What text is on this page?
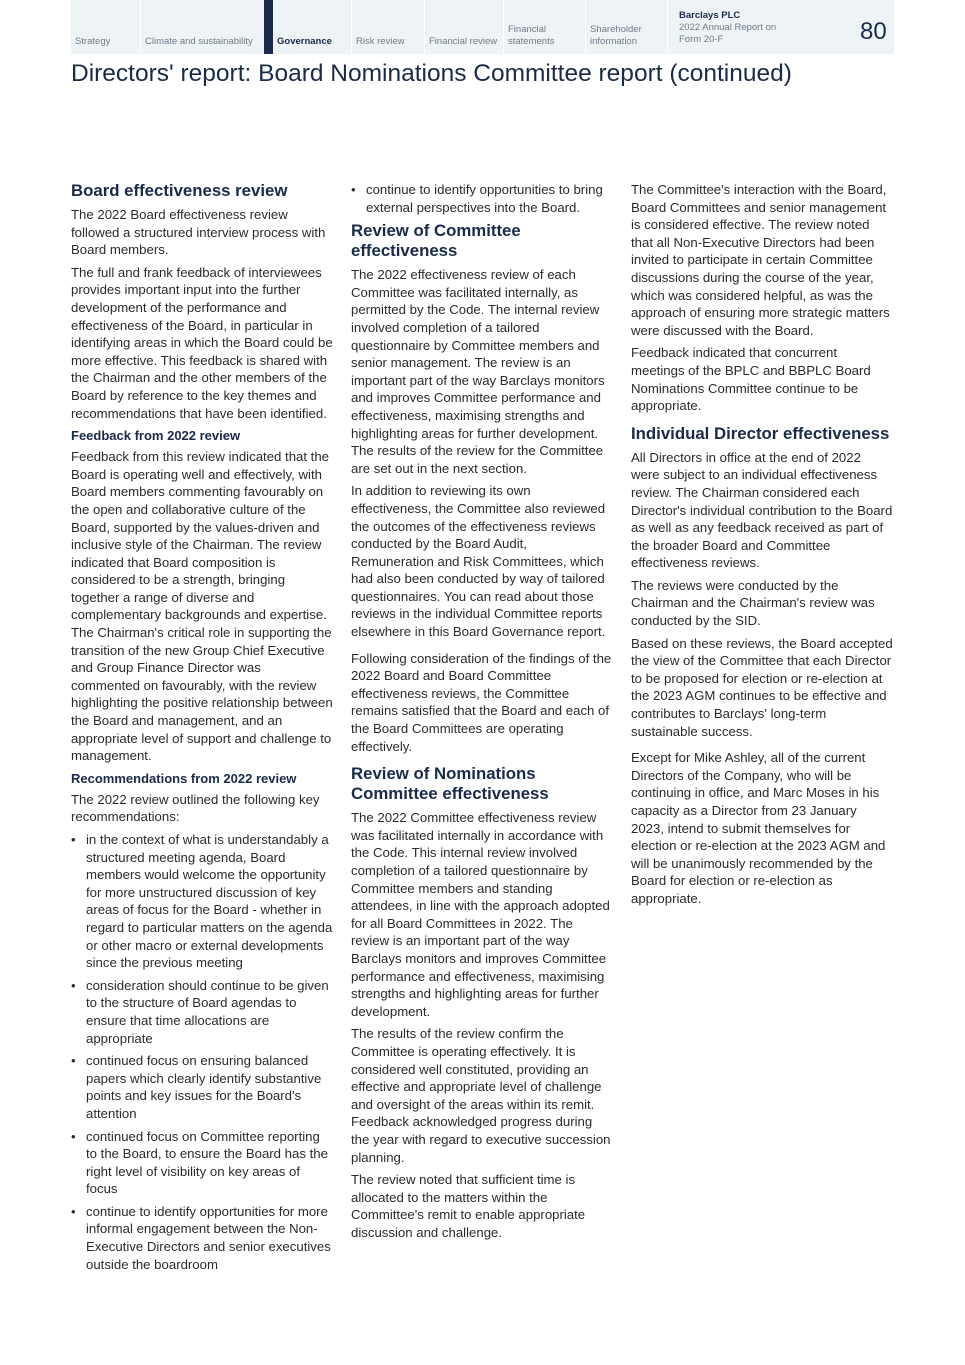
Strategy	Climate and sustainability	Governance	Risk review	Financial review
Financial statements
Shareholder information
Barclays PLC
2022 Annual Report on Form 20-F	80
Directors' report: Board Nominations Committee report (continued)
Board effectiveness review

The 2022 Board effectiveness review followed a structured interview process with Board members.

The full and frank feedback of interviewees provides important input into the further development of the performance and effectiveness of the Board, in particular in identifying areas in which the Board could be more effective. This feedback is shared with the Chairman and the other members of the Board by reference to the key themes and recommendations that have been identified.

Feedback from 2022 review

Feedback from this review indicated that the Board is operating well and effectively, with Board members commenting favourably on the open and collaborative culture of the Board, supported by the values-driven and inclusive style of the Chairman. The review indicated that Board composition is considered to be a strength, bringing together a range of diverse and complementary backgrounds and expertise. The Chairman's critical role in supporting the transition of the new Group Chief Executive and Group Finance Director was commented on favourably, with the review highlighting the positive relationship between the Board and management, and an appropriate level of support and challenge to management.

Recommendations from 2022 review

The 2022 review outlined the following key recommendations:

• in the context of what is understandably a structured meeting agenda, Board members would welcome the opportunity for more unstructured discussion of key areas of focus for the Board - whether in regard to particular matters on the agenda or other macro or external developments since the previous meeting
• consideration should continue to be given to the structure of Board agendas to ensure that time allocations are appropriate
• continued focus on ensuring balanced papers which clearly identify substantive points and key issues for the Board's attention
• continued focus on Committee reporting to the Board, to ensure the Board has the right level of visibility on key areas of focus
• continue to identify opportunities for more informal engagement between the Non-Executive Directors and senior executives outside the boardroom
• continue to identify opportunities to bring external perspectives into the Board.
Review of Committee effectiveness

The 2022 effectiveness review of each Committee was facilitated internally, as permitted by the Code. The internal review involved completion of a tailored questionnaire by Committee members and senior management. The review is an important part of the way Barclays monitors and improves Committee performance and effectiveness, maximising strengths and highlighting areas for further development. The results of the review for the Committee are set out in the next section.

In addition to reviewing its own effectiveness, the Committee also reviewed the outcomes of the effectiveness reviews conducted by the Board Audit, Remuneration and Risk Committees, which had also been conducted by way of tailored questionnaires. You can read about those reviews in the individual Committee reports elsewhere in this Board Governance report.

Following consideration of the findings of the 2022 Board and Board Committee effectiveness reviews, the Committee remains satisfied that the Board and each of the Board Committees are operating effectively.

Review of Nominations Committee effectiveness

The 2022 Committee effectiveness review was facilitated internally in accordance with the Code. This internal review involved completion of a tailored questionnaire by Committee members and standing attendees, in line with the approach adopted for all Board Committees in 2022. The review is an important part of the way Barclays monitors and improves Committee performance and effectiveness, maximising strengths and highlighting areas for further development.

The results of the review confirm the Committee is operating effectively. It is considered well constituted, providing an effective and appropriate level of challenge and oversight of the areas within its remit. Feedback acknowledged progress during the year with regard to executive succession planning.

The review noted that sufficient time is allocated to the matters within the Committee's remit to enable appropriate discussion and challenge.

The Committee's interaction with the Board, Board Committees and senior management is considered effective. The review noted that all Non-Executive Directors had been invited to participate in certain Committee discussions during the course of the year, which was considered helpful, as was the approach of ensuring more strategic matters were discussed with the Board.

Feedback indicated that concurrent meetings of the BPLC and BBPLC Board Nominations Committee continue to be appropriate.

Individual Director effectiveness

All Directors in office at the end of 2022 were subject to an individual effectiveness review. The Chairman considered each Director's individual contribution to the Board as well as any feedback received as part of the broader Board and Committee effectiveness reviews.

The reviews were conducted by the Chairman and the Chairman's review was conducted by the SID.

Based on these reviews, the Board accepted the view of the Committee that each Director to be proposed for election or re-election at the 2023 AGM continues to be effective and contributes to Barclays' long-term sustainable success.

Except for Mike Ashley, all of the current Directors of the Company, who will be continuing in office, and Marc Moses in his capacity as a Director from 23 January 2023, intend to submit themselves for election or re-election at the 2023 AGM and will be unanimously recommended by the Board for election or re-election as appropriate.
